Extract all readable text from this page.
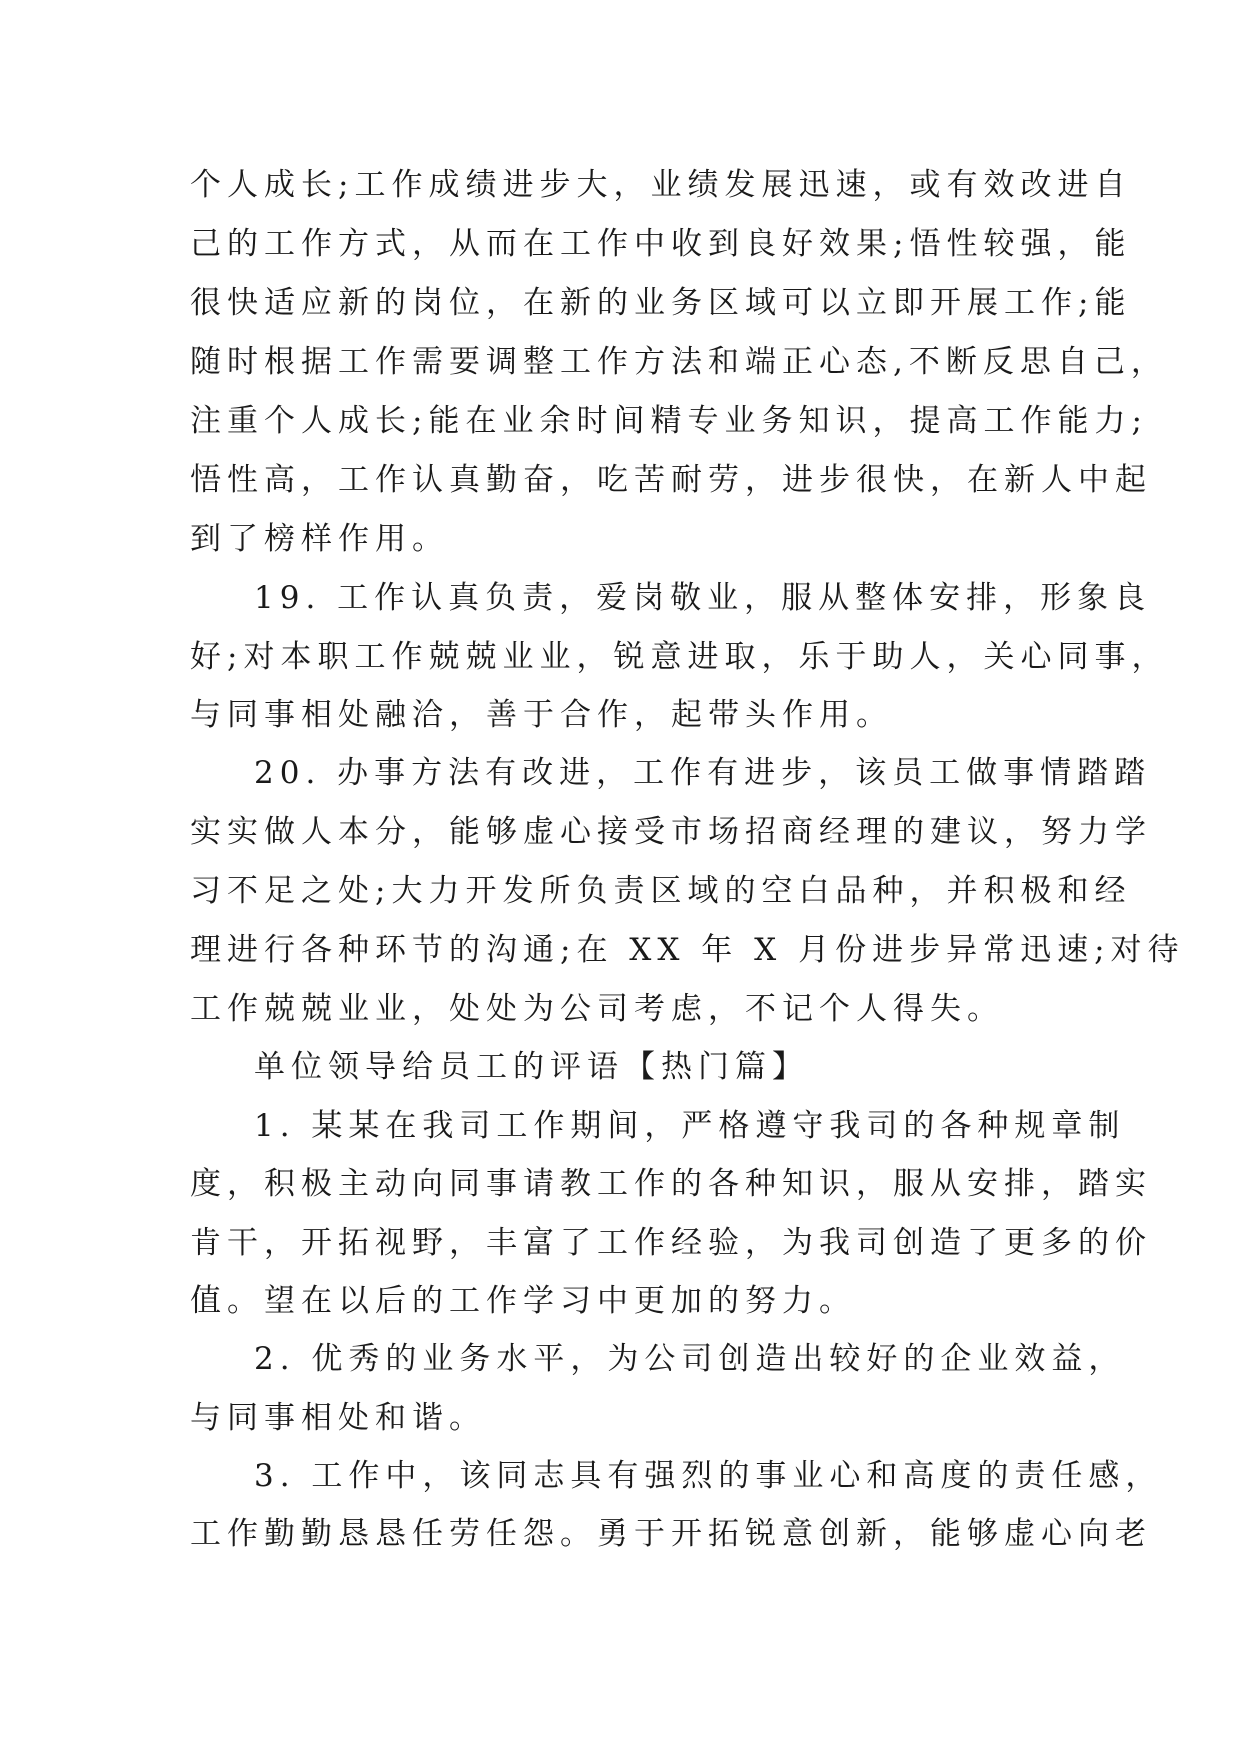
个人成长;工作成绩进步大，业绩发展迅速，或有效改进自
己的工作方式，从而在工作中收到良好效果;悟性较强，能
很快适应新的岗位，在新的业务区域可以立即开展工作;能
随时根据工作需要调整工作方法和端正心态,不断反思自己，
注重个人成长;能在业余时间精专业务知识，提高工作能力;
悟性高，工作认真勤奋，吃苦耐劳，进步很快，在新人中起
到了榜样作用。
19. 工作认真负责，爱岗敬业，服从整体安排，形象良
好;对本职工作兢兢业业，锐意进取，乐于助人，关心同事，
与同事相处融洽，善于合作，起带头作用。
20. 办事方法有改进，工作有进步，该员工做事情踏踏
实实做人本分，能够虚心接受市场招商经理的建议，努力学
习不足之处;大力开发所负责区域的空白品种，并积极和经
理进行各种环节的沟通;在 XX 年 X 月份进步异常迅速;对待
工作兢兢业业，处处为公司考虑，不记个人得失。
单位领导给员工的评语【热门篇】
1. 某某在我司工作期间，严格遵守我司的各种规章制
度，积极主动向同事请教工作的各种知识，服从安排，踏实
肯干，开拓视野，丰富了工作经验，为我司创造了更多的价
值。望在以后的工作学习中更加的努力。
2. 优秀的业务水平，为公司创造出较好的企业效益，
与同事相处和谐。
3. 工作中，该同志具有强烈的事业心和高度的责任感，
工作勤勤恳恳任劳任怨。勇于开拓锐意创新，能够虚心向老
